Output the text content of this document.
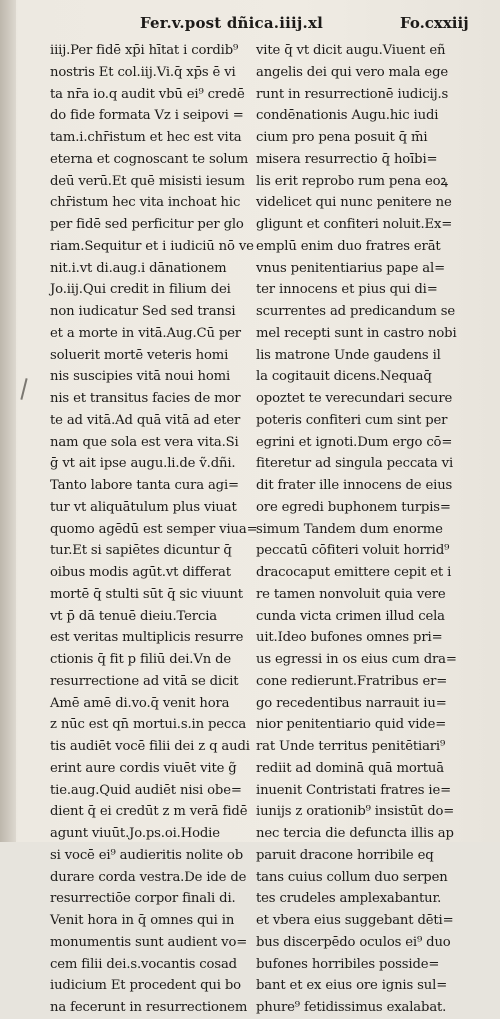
Fer.v.post dñica.iiij.xl	Fo.cxxiij
iiij.Per fidē xp̄i hītat i cordib⁹
nostris Et col.iij.Vi.q̄ xp̄s ē vi
ta nr̄a io.q audit vbū ei⁹ credē
do fide formata Vz i seipovi =
tam.i.chr̄istum et hec est vita
eterna et cognoscant te solum
deū verū.Et quē misisti iesum
chr̄istum hec vita inchoat hic
per fidē sed perficitur per glo
riam.Sequitur et i iudiciū nō ve
nit.i.vt di.aug.i dānationem
Jo.iij.Qui credit in filium dei
non iudicatur Sed sed transi
et a morte in vitā.Aug.Cū per
soluerit mortē veteris homi
nis suscipies vitā noui homi
nis et transitus facies de mor
te ad vitā.Ad quā vitā ad eter
nam que sola est vera vita.Si
ḡ vt ait ipse augu.li.de ṽ.dñi.
Tanto labore tanta cura agi=
tur vt aliquātulum plus viuat
quomo agēdū est semper viua=
tur.Et si sapiētes dicuntur q̄
oibus modis agūt.vt differat
mortē q̄ stulti sūt q̄ sic viuunt
vt p̄ dā tenuē dieiu.Tercia
est veritas multiplicis resurre
ctionis q̄ fit p filiū dei.Vn de
resurrectione ad vitā se dicit
Amē amē di.vo.q̄ venit hora
z nūc est qn̄ mortui.s.in pecca
tis audiēt vocē filii dei z q audi
erint aure cordis viuēt vite g̃
tie.aug.Quid audiēt nisi obe=
dient q̄ ei credūt z m verā fidē
agunt viuūt.Jo.ps.oi.Hodie
si vocē ei⁹ audieritis nolite ob
durare corda vestra.De ide de
resurrectiōe corpor finali di.
Venit hora in q̄ omnes qui in
monumentis sunt audient vo=
cem filii dei.s.vocantis cosad
iudicium Et procedent qui bo
na fecerunt in resurrectionem
vite q̄ vt dicit augu.Viuent eñ
angelis dei qui vero mala ege
runt in resurrectionē iudicij.s
condēnationis Augu.hic iudi
cium pro pena posuit q̄ m̄i
misera resurrectio q̄ hoībi=
lis erit reprobo rum pena eoꝝ
videlicet qui nunc penitere ne
gligunt et confiteri noluit.Ex=
emplū enim duo fratres erāt
vnus penitentiarius pape al=
ter innocens et pius qui di=
scurrentes ad predicandum se
mel recepti sunt in castro nobi
lis matrone Unde gaudens il
la cogitauit dicens.Nequaq̄
opoztet te verecundari secure
poteris confiteri cum sint per
egrini et ignoti.Dum ergo cō=
fiteretur ad singula peccata vi
dit frater ille innocens de eius
ore egredi buphonem turpis=
simum Tandem dum enorme
peccatū cōfiteri voluit horrid⁹
dracocaput emittere cepit et i
re tamen nonvoluit quia vere
cunda victa crimen illud cela
uit.Ideo bufones omnes pri=
us egressi in os eius cum dra=
cone redierunt.Fratribus er=
go recedentibus narrauit iu=
nior penitentiario quid vide=
rat Unde territus penitētiari⁹
rediit ad dominā quā mortuā
inuenit Contristati fratres ie=
iunijs z orationib⁹ insistūt do=
nec tercia die defuncta illis ap
paruit dracone horribile eq
tans cuius collum duo serpen
tes crudeles amplexabantur.
et vbera eius suggebant dēti=
bus discerpēdo oculos ei⁹ duo
bufones horribiles posside=
bant et ex eius ore ignis sul=
phure⁹ fetidissimus exalabat.
